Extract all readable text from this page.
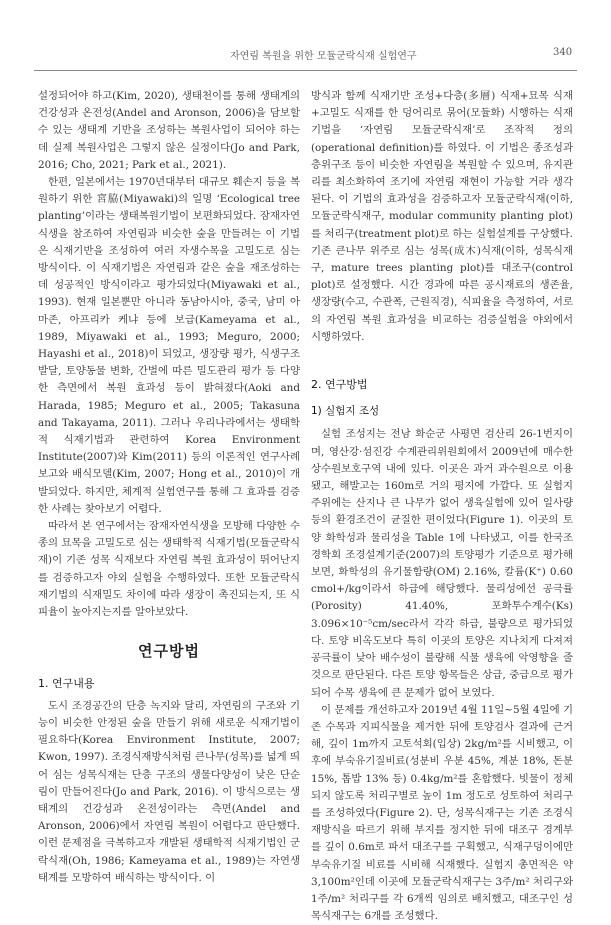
자연림 복원을 위한 모듈군락식재 실험연구	340

설정되어야 하고(Kim, 2020), 생태천이를 통해 생태계의 건강성과 온전성(Andel and Aronson, 2006)을 담보할 수 있는 생태계 기반을 조성하는 복원사업이 되어야 하는데 실제 복원사업은 그렇지 않은 실정이다(Jo and Park, 2016; Cho, 2021; Park et al., 2021).

한편, 일본에서는 1970년대부터 대규모 훼손지 등을 복원하기 위한 宮脇(Miyawaki)의 일명 ‘Ecological tree planting’이라는 생태복원기법이 보편화되었다. 잠재자연식생을 참조하여 자연림과 비슷한 숲을 만들려는 이 기법은 식재기반을 조성하여 여러 자생수목을 고밀도로 심는 방식이다. 이 식재기법은 자연림과 같은 숲을 재조성하는 데 성공적인 방식이라고 평가되었다(Miyawaki et al., 1993). 현재 일본뿐만 아니라 동남아시아, 중국, 남미 아마존, 아프리카 케냐 등에 보급(Kameyama et al., 1989, Miyawaki et al., 1993; Meguro, 2000; Hayashi et al., 2018)이 되었고, 생장량 평가, 식생구조 발달, 토양동물 변화, 간벌에 따른 밀도관리 평가 등 다양한 측면에서 복원 효과성 등이 밝혀졌다(Aoki and Harada, 1985; Meguro et al., 2005; Takasuna and Takayama, 2011). 그러나 우리나라에서는 생태학적 식재기법과 관련하여 Korea Environment Institute(2007)와 Kim(2011) 등의 이론적인 연구사례 보고와 배식모델(Kim, 2007; Hong et al., 2010)이 개발되었다. 하지만, 체계적 실험연구를 통해 그 효과를 검증한 사례는 찾아보기 어렵다.

따라서 본 연구에서는 잠재자연식생을 모방해 다양한 수종의 묘목을 고밀도로 심는 생태학적 식재기법(모듈군락식재)이 기존 성목 식재보다 자연림 복원 효과성이 뛰어난지를 검증하고자 야외 실험을 수행하였다. 또한 모듈군락식재기법의 식재밀도 차이에 따라 생장이 촉진되는지, 또 식피율이 높아지는지를 알아보았다.

연구방법
1. 연구내용

도시 조경공간의 단층 녹지와 달리, 자연림의 구조와 기능이 비슷한 안정된 숲을 만들기 위해 새로운 식재기법이 필요하다(Korea Environment Institute, 2007; Kwon, 1997). 조경식재방식처럼 큰나무(성목)를 넓게 띄어 심는 성목식재는 단층 구조의 생물다양성이 낮은 단순림이 만들어진다(Jo and Park, 2016). 이 방식으로는 생태계의 건강성과 온전성이라는 측면(Andel and Aronson, 2006)에서 자연림 복원이 어렵다고 판단했다. 이런 문제점을 극복하고자 개발된 생태학적 식재기법인 군락식재(Oh, 1986; Kameyama et al., 1989)는 자연생태계를 모방하여 배식하는 방식이다. 이

방식과 함께 식재기반 조성+다층(多層) 식재+묘목 식재+고밀도 식재를 한 덩어리로 묶어(모듈화) 시행하는 식재기법을 ‘자연림 모듈군락식재’로 조작적 정의(operational definition)를 하였다. 이 기법은 종조성과 층위구조 등이 비슷한 자연림을 복원할 수 있으며, 유지관리를 최소화하여 조기에 자연림 재현이 가능할 거라 생각된다. 이 기법의 효과성을 검증하고자 모듈군락식재(이하, 모듈군락식재구, modular community planting plot)를 처리구(treatment plot)로 하는 실험설계를 구상했다. 기존 큰나무 위주로 심는 성목(成木)식재(이하, 성목식재구, mature trees planting plot)를 대조구(control plot)로 설정했다. 시간 경과에 따른 공시재료의 생존율, 생장량(수고, 수관폭, 근원직경), 식피율을 측정하여, 서로의 자연림 복원 효과성을 비교하는 검증실험을 야외에서 시행하였다.

2. 연구방법
1) 실험지 조성

실험 조성지는 전남 화순군 사평면 검산리 26-1번지이며, 영산강·섬진강 수계관리위원회에서 2009년에 매수한 상수원보호구역 내에 있다. 이곳은 과거 과수원으로 이용됐고, 해발고는 160m로 거의 평지에 가깝다. 또 실험지 주위에는 산지나 큰 나무가 없어 생육실험에 있어 일사량 등의 환경조건이 균질한 편이었다(Figure 1). 이곳의 토양 화학성과 물리성을 Table 1에 나타냈고, 이를 한국조경학회 조경설계기준(2007)의 토양평가 기준으로 평가해보면, 화학성의 유기물함량(OM) 2.16%, 칼륨(K⁺) 0.60 cmol+/kg이라서 하급에 해당했다. 물리성에선 공극률(Porosity) 41.40%, 포화투수계수(Ks) 3.096×10⁻⁵cm/sec라서 각각 하급, 불량으로 평가되었다. 토양 비옥도보다 특히 이곳의 토양은 지나치게 다져져 공극률이 낮아 배수성이 불량해 식물 생육에 악영향을 줄 것으로 판단된다. 다른 토양 항목들은 상급, 중급으로 평가되어 수목 생육에 큰 문제가 없어 보였다.

이 문제를 개선하고자 2019년 4월 11일~5월 4일에 기존 수목과 지피식물을 제거한 뒤에 토양검사 결과에 근거해, 깊이 1m까지 고토석회(입상) 2kg/m²를 시비했고, 이후에 부숙유기질비료(성분비 우분 45%, 계분 18%, 돈분 15%, 톱밥 13% 등) 0.4kg/m²를 혼합했다. 빗물이 정체되지 않도록 처리구별로 높이 1m 정도로 성토하여 처리구를 조성하였다(Figure 2). 단, 성목식재구는 기존 조경식재방식을 따르기 위해 부지를 정지한 뒤에 대조구 경계부를 깊이 0.6m로 파서 대조구를 구획했고, 식재구덩이에만 부숙유기질 비료를 시비해 식재했다. 실험지 총면적은 약 3,100m²인데 이곳에 모듈군락식재구는 3주/m² 처리구와 1주/m² 처리구를 각 6개씩 임의로 배치했고, 대조구인 성목식재구는 6개를 조성했다.
